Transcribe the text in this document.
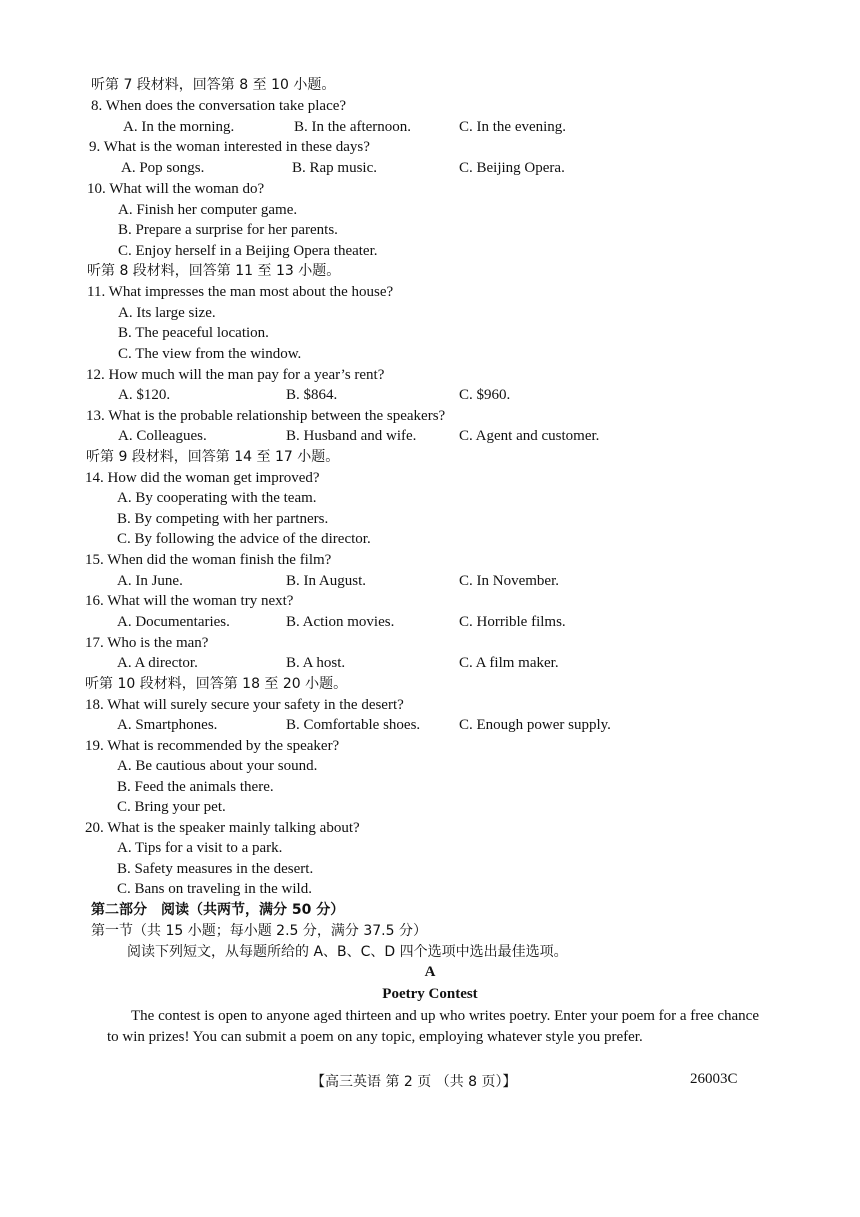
听第 7 段材料，回答第 8 至 10 小题。
8. When does the conversation take place?
A. In the morning.	B. In the afternoon.	C. In the evening.
9. What is the woman interested in these days?
A. Pop songs.	B. Rap music.	C. Beijing Opera.
10. What will the woman do?
A. Finish her computer game.
B. Prepare a surprise for her parents.
C. Enjoy herself in a Beijing Opera theater.
听第 8 段材料，回答第 11 至 13 小题。
11. What impresses the man most about the house?
A. Its large size.
B. The peaceful location.
C. The view from the window.
12. How much will the man pay for a year’s rent?
A. $120.	B. $864.	C. $960.
13. What is the probable relationship between the speakers?
A. Colleagues.	B. Husband and wife.	C. Agent and customer.
听第 9 段材料，回答第 14 至 17 小题。
14. How did the woman get improved?
A. By cooperating with the team.
B. By competing with her partners.
C. By following the advice of the director.
15. When did the woman finish the film?
A. In June.	B. In August.	C. In November.
16. What will the woman try next?
A. Documentaries.	B. Action movies.	C. Horrible films.
17. Who is the man?
A. A director.	B. A host.	C. A film maker.
听第 10 段材料，回答第 18 至 20 小题。
18. What will surely secure your safety in the desert?
A. Smartphones.	B. Comfortable shoes.	C. Enough power supply.
19. What is recommended by the speaker?
A. Be cautious about your sound.
B. Feed the animals there.
C. Bring your pet.
20. What is the speaker mainly talking about?
A. Tips for a visit to a park.
B. Safety measures in the desert.
C. Bans on traveling in the wild.
第二部分　阅读（共两节，满分 50 分）
第一节（共 15 小题；每小题 2.5 分，满分 37.5 分）
阅读下列短文，从每题所给的 A、B、C、D 四个选项中选出最佳选项。
A
Poetry Contest
The contest is open to anyone aged thirteen and up who writes poetry. Enter your poem for a free chance to win prizes! You can submit a poem on any topic, employing whatever style you prefer.
【高三英语 第 2 页 （共 8 页）】	26003C
